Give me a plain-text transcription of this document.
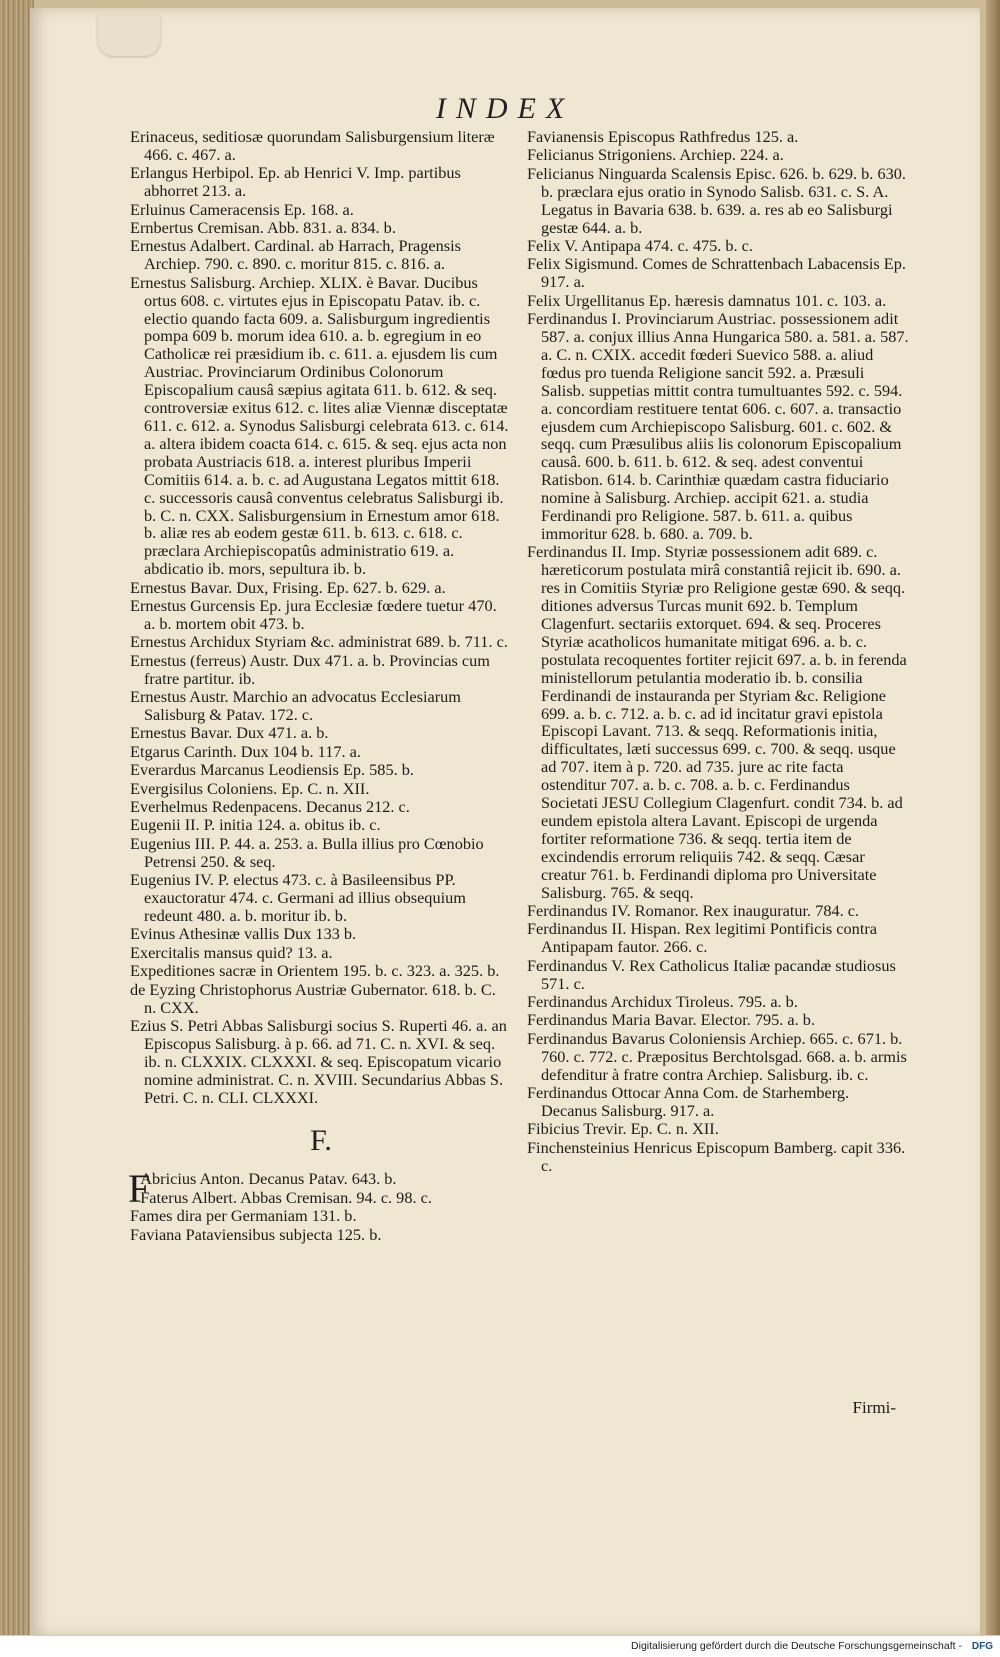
INDEX
Erinaceus, seditiosæ quorundam Salisburgensium literæ 466. c. 467. a.
Erlangus Herbipol. Ep. ab Henrici V. Imp. partibus abhorret 213. a.
Erluinus Cameracensis Ep. 168. a.
Ernbertus Cremisan. Abb. 831. a. 834. b.
Ernestus Adalbert. Cardinal. ab Harrach, Pragensis Archiep. 790. c. 890. c. moritur 815. c. 816. a.
Ernestus Salisburg. Archiep. XLIX. è Bavar. Ducibus ortus 608. c. virtutes ejus in Episcopatu Patav. ib. c. electio quando facta 609. a. Salisburgum ingredientis pompa 609 b. morum idea 610. a. b. egregium in eo Catholicæ rei præsidium ib. c. 611. a. ejusdem lis cum Austriac. Provinciarum Ordinibus Colonorum Episcopalium causâ sæpius agitata 611. b. 612. & seq. controversiæ exitus 612. c. lites aliæ Viennæ disceptatæ 611. c. 612. a. Synodus Salisburgi celebrata 613. c. 614. a. altera ibidem coacta 614. c. 615. & seq. ejus acta non probata Austriacis 618. a. interest pluribus Imperii Comitiis 614. a. b. c. ad Augustana Legatos mittit 618. c. successoris causâ conventus celebratus Salisburgi ib. b. C. n. CXX. Salisburgensium in Ernestum amor 618. b. aliæ res ab eodem gestæ 611. b. 613. c. 618. c. præclara Archiepiscopatûs administratio 619. a. abdicatio ib. mors, sepultura ib. b.
Ernestus Bavar. Dux, Frising. Ep. 627. b. 629. a.
Ernestus Gurcensis Ep. jura Ecclesiæ fœdere tuetur 470. a. b. mortem obit 473. b.
Ernestus Archidux Styriam &c. administrat 689. b. 711. c.
Ernestus (ferreus) Austr. Dux 471. a. b. Provincias cum fratre partitur. ib.
Ernestus Austr. Marchio an advocatus Ecclesiarum Salisburg & Patav. 172. c.
Ernestus Bavar. Dux 471. a. b.
Etgarus Carinth. Dux 104 b. 117. a.
Everardus Marcanus Leodiensis Ep. 585. b.
Evergisilus Coloniens. Ep. C. n. XII.
Everhelmus Redenpacens. Decanus 212. c.
Eugenii II. P. initia 124. a. obitus ib. c.
Eugenius III. P. 44. a. 253. a. Bulla illius pro Cœnobio Petrensi 250. & seq.
Eugenius IV. P. electus 473. c. à Basileensibus PP. exauctoratur 474. c. Germani ad illius obsequium redeunt 480. a. b. moritur ib. b.
Evinus Athesinæ vallis Dux 133 b.
Exercitalis mansus quid? 13. a.
Expeditiones sacræ in Orientem 195. b. c. 323. a. 325. b.
de Eyzing Christophorus Austriæ Gubernator. 618. b. C. n. CXX.
Ezius S. Petri Abbas Salisburgi socius S. Ruperti 46. a. an Episcopus Salisburg. à p. 66. ad 71. C. n. XVI. & seq. ib. n. CLXXIX. CLXXXI. & seq. Episcopatum vicario nomine administrat. C. n. XVIII. Secundarius Abbas S. Petri. C. n. CLI. CLXXXI.
F.
F
Abricius Anton. Decanus Patav. 643. b.
Faterus Albert. Abbas Cremisan. 94. c. 98. c.
Fames dira per Germaniam 131. b.
Faviana Pataviensibus subjecta 125. b.
Favianensis Episcopus Rathfredus 125. a.
Felicianus Strigoniens. Archiep. 224. a.
Felicianus Ninguarda Scalensis Episc. 626. b. 629. b. 630. b. præclara ejus oratio in Synodo Salisb. 631. c. S. A. Legatus in Bavaria 638. b. 639. a. res ab eo Salisburgi gestæ 644. a. b.
Felix V. Antipapa 474. c. 475. b. c.
Felix Sigismund. Comes de Schrattenbach Labacensis Ep. 917. a.
Felix Urgellitanus Ep. hæresis damnatus 101. c. 103. a.
Ferdinandus I. Provinciarum Austriac. possessionem adit 587. a. conjux illius Anna Hungarica 580. a. 581. a. 587. a. C. n. CXIX. accedit fœderi Suevico 588. a. aliud fœdus pro tuenda Religione sancit 592. a. Præsuli Salisb. suppetias mittit contra tumultuantes 592. c. 594. a. concordiam restituere tentat 606. c. 607. a. transactio ejusdem cum Archiepiscopo Salisburg. 601. c. 602. & seqq. cum Præsulibus aliis lis colonorum Episcopalium causâ. 600. b. 611. b. 612. & seq. adest conventui Ratisbon. 614. b. Carinthiæ quædam castra fiduciario nomine à Salisburg. Archiep. accipit 621. a. studia Ferdinandi pro Religione. 587. b. 611. a. quibus immoritur 628. b. 680. a. 709. b.
Ferdinandus II. Imp. Styriæ possessionem adit 689. c. hæreticorum postulata mirâ constantiâ rejicit ib. 690. a. res in Comitiis Styriæ pro Religione gestæ 690. & seqq. ditiones adversus Turcas munit 692. b. Templum Clagenfurt. sectariis extorquet. 694. & seq. Proceres Styriæ acatholicos humanitate mitigat 696. a. b. c. postulata recoquentes fortiter rejicit 697. a. b. in ferenda ministellorum petulantia moderatio ib. b. consilia Ferdinandi de instauranda per Styriam &c. Religione 699. a. b. c. 712. a. b. c. ad id incitatur gravi epistola Episcopi Lavant. 713. & seqq. Reformationis initia, difficultates, læti successus 699. c. 700. & seqq. usque ad 707. item à p. 720. ad 735. jure ac rite facta ostenditur 707. a. b. c. 708. a. b. c. Ferdinandus Societati JESU Collegium Clagenfurt. condit 734. b. ad eundem epistola altera Lavant. Episcopi de urgenda fortiter reformatione 736. & seqq. tertia item de excindendis errorum reliquiis 742. & seqq. Cæsar creatur 761. b. Ferdinandi diploma pro Universitate Salisburg. 765. & seqq.
Ferdinandus IV. Romanor. Rex inauguratur. 784. c.
Ferdinandus II. Hispan. Rex legitimi Pontificis contra Antipapam fautor. 266. c.
Ferdinandus V. Rex Catholicus Italiæ pacandæ studiosus 571. c.
Ferdinandus Archidux Tiroleus. 795. a. b.
Ferdinandus Maria Bavar. Elector. 795. a. b.
Ferdinandus Bavarus Coloniensis Archiep. 665. c. 671. b. 760. c. 772. c. Præpositus Berchtolsgad. 668. a. b. armis defenditur à fratre contra Archiep. Salisburg. ib. c.
Ferdinandus Ottocar Anna Com. de Starhemberg. Decanus Salisburg. 917. a.
Fibicius Trevir. Ep. C. n. XII.
Finchensteinius Henricus Episcopum Bamberg. capit 336. c.
Firmi-
Digitalisierung gefördert durch die Deutsche Forschungsgemeinschaft - DFG
